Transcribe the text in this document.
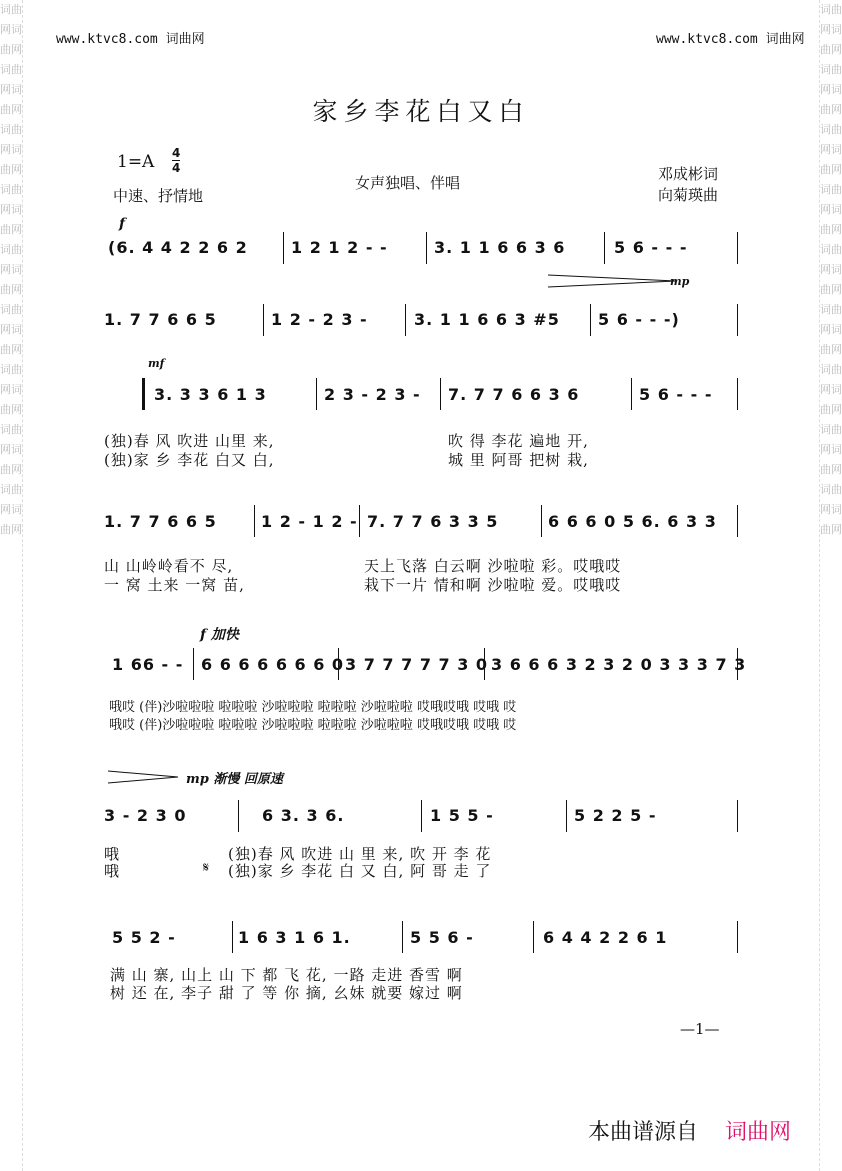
词曲网词曲网词曲网词曲网词曲网词曲网词曲网词曲网词曲网词曲网词曲网词曲网词曲网词曲网词曲网词曲网词曲网词曲网
词曲网词曲网词曲网词曲网词曲网词曲网词曲网词曲网词曲网词曲网词曲网词曲网词曲网词曲网词曲网词曲网词曲网词曲网
www.ktvc8.com 词曲网	www.ktvc8.com 词曲网
家乡李花白又白
1=A 4
4
中速、抒情地
女声独唱、伴唱	邓成彬词
向菊瑛曲
f
(6. 4 4 2 2 6 2	1 2 1 2 - -	3. 1 1 6 6 3 6	5 6 - - -
mp
1. 7 7 6 6 5	1 2 - 2 3 -	3. 1 1 6 6 3 #5 5 6 - - -)
mf
3. 3 3 6 1 3	2 3 - 2 3 - 7. 7 7 6 6 3 6	5 6 - - -
(独)春 风 吹进 山里 来,	吹 得 李花 遍地 开,
(独)家 乡 李花 白又 白,	城 里 阿哥 把树 栽,
1. 7 7 6 6 5	1 2 - 1 2 - 7. 7 7 6 3 3 5	6 6 6 0 5 6. 6 3 3
山 山岭岭看不 尽,	天上飞落 白云啊 沙啦啦 彩。哎哦哎
一 窝 土来 一窝 苗,	栽下一片 情和啊 沙啦啦 爱。哎哦哎
f 加快
1 66 - - 6 6 6 6 6 6 6 0 3 7 7 7 7 7 3 0 3 6 6 6 3 2 3 2 0 3 3 3 7 3
哦哎 (伴)沙啦啦啦 啦啦啦 沙啦啦啦 啦啦啦 沙啦啦啦 哎哦哎哦 哎哦 哎
哦哎 (伴)沙啦啦啦 啦啦啦 沙啦啦啦 啦啦啦 沙啦啦啦 哎哦哎哦 哎哦 哎
mp 渐慢 回原速
3 - 2 3 0	6 3. 3 6.	1 5 5 -	5 2 2 5 -
哦	(独)春 风 吹进 山 里 来, 吹 开 李 花
哦	(独)家 乡 李花 白 又 白, 阿 哥 走 了
𝄋
5 5 2 -	1 6 3 1 6 1.	5 5 6 -	6 4 4 2 2 6 1
满 山 寨, 山上 山 下 都 飞 花, 一路 走进 香雪 啊
树 还 在, 李子 甜 了 等 你 摘, 幺妹 就要 嫁过 啊
—1—
本曲谱源自 词曲网
